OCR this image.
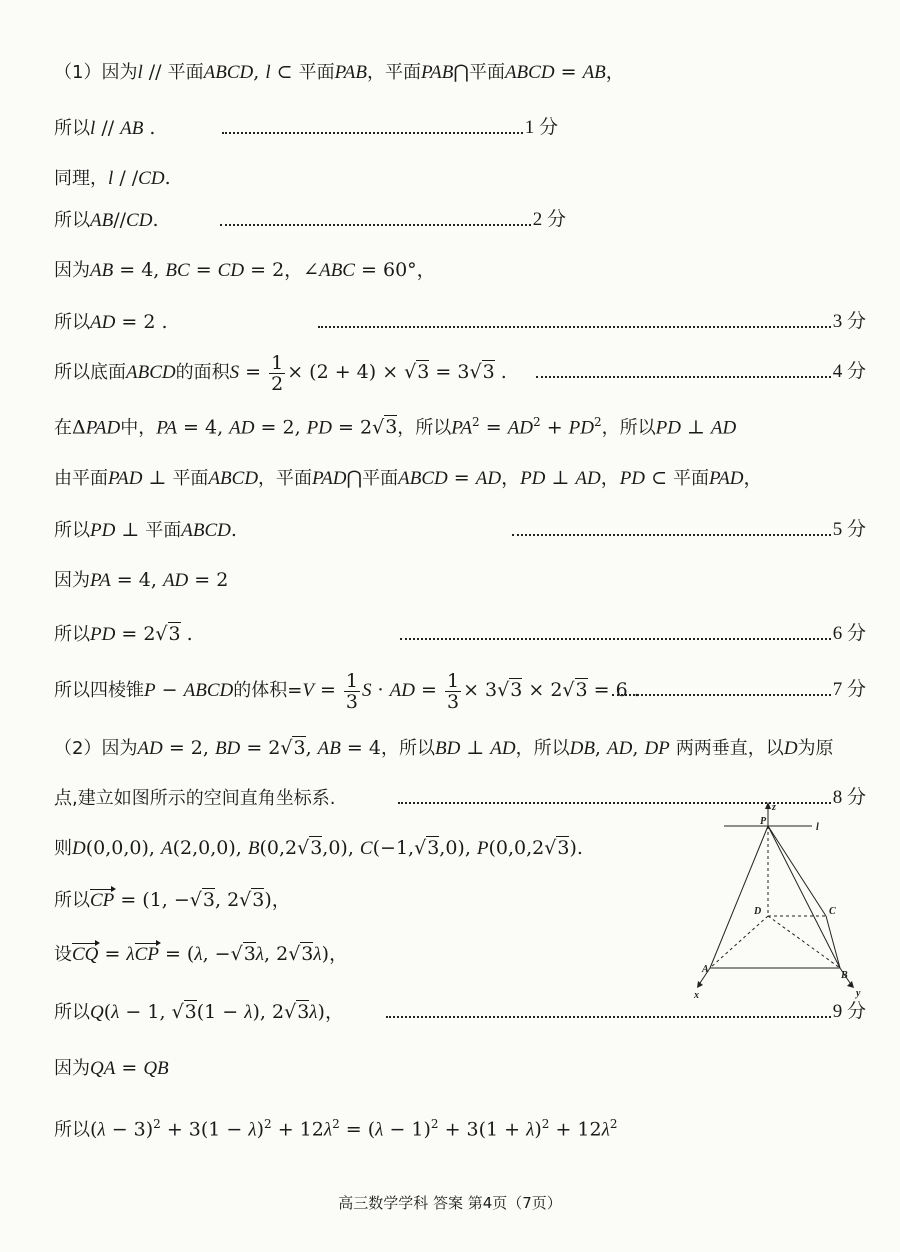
（1）因为l // 平面ABCD, l ⊂ 平面PAB，平面PAB⋂平面ABCD = AB，
所以l // AB .	1 分
同理，l / /CD.
所以AB//CD.	2 分
因为AB = 4, BC = CD = 2，∠ABC = 60°，
所以AD = 2 .	3 分
所以底面ABCD的面积$S = \frac{1}{2} \times (2 + 4) \times √3 = 3√3$ .	4 分
在ΔPAD中，PA = 4, AD = 2, PD = 2√3，所以$PA^2 = AD^2 + PD^2$，所以PD ⊥ AD
由平面PAD ⊥ 平面ABCD，平面PAD⋂平面ABCD = AD，PD ⊥ AD，PD ⊂ 平面PAD，
所以PD ⊥ 平面ABCD.	5 分
因为PA = 4, AD = 2
所以PD = 2√3 .	6 分
所以四棱锥P − ABCD的体积$=V = \frac{1}{3}$ S · AD = $\frac{1}{3} \times 3√3 \times 2√3 = 6$ .	7 分
（2）因为AD = 2, BD = 2√3, AB = 4，所以BD ⊥ AD，所以DB, AD, DP 两两垂直，以D为原
点,建立如图所示的空间直角坐标系.	8 分
则D(0,0,0), A(2,0,0), B(0,2√3,0), C(−1,√3,0), P(0,0,2√3).
所以CP = (1, −√3, 2√3)，
设CQ = λCP = (λ, −√3λ, 2√3λ)，
所以Q(λ − 1, √3(1 − λ), 2√3λ)，	9 分
因为QA = QB
所以$(\lambda - 3)^2 + 3(1 - \lambda)^2 + 12\lambda^2 = (\lambda - 1)^2 + 3(1 + \lambda)^2 + 12\lambda^2$
z
P
l
D	C
A
B
x	y
高三数学学科 答案 第4页（7页）
